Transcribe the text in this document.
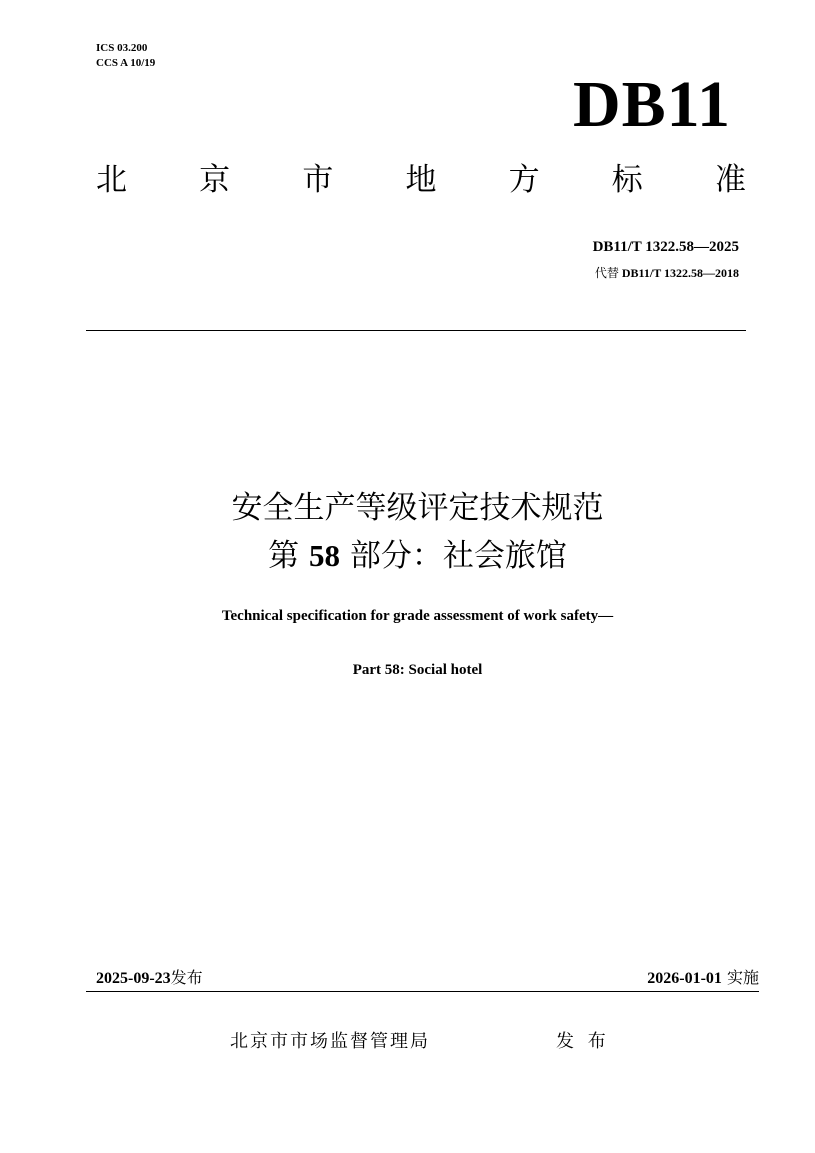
ICS 03.200
CCS A 10/19
DB11
北 京 市 地 方 标 准
DB11/T 1322.58—2025
代替 DB11/T 1322.58—2018
安全生产等级评定技术规范
第 58 部分：社会旅馆
Technical specification for grade assessment of work safety—
Part 58: Social hotel
2025-09-23发布	2026-01-01 实施
北京市市场监督管理局	发 布
